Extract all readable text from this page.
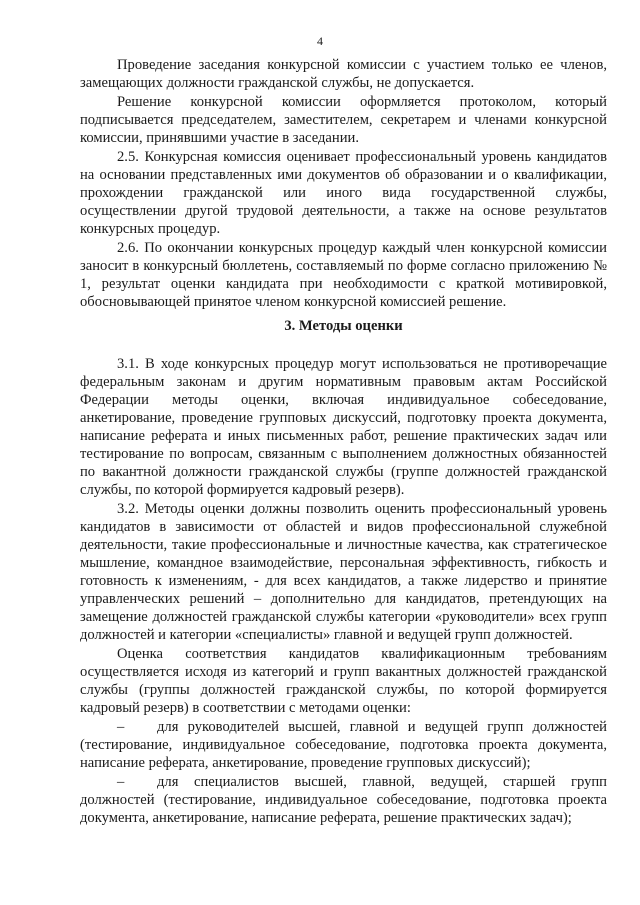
4

Проведение заседания конкурсной комиссии с участием только ее членов, замещающих должности гражданской службы, не допускается.

Решение конкурсной комиссии оформляется протоколом, который подписывается председателем, заместителем, секретарем и членами конкурсной комиссии, принявшими участие в заседании.

2.5. Конкурсная комиссия оценивает профессиональный уровень кандидатов на основании представленных ими документов об образовании и о квалификации, прохождении гражданской или иного вида государственной службы, осуществлении другой трудовой деятельности, а также на основе результатов конкурсных процедур.

2.6. По окончании конкурсных процедур каждый член конкурсной комиссии заносит в конкурсный бюллетень, составляемый по форме согласно приложению № 1, результат оценки кандидата при необходимости с краткой мотивировкой, обосновывающей принятое членом конкурсной комиссией решение.

3. Методы оценки

3.1. В ходе конкурсных процедур могут использоваться не противоречащие федеральным законам и другим нормативным правовым актам Российской Федерации методы оценки, включая индивидуальное собеседование, анкетирование, проведение групповых дискуссий, подготовку проекта документа, написание реферата и иных письменных работ, решение практических задач или тестирование по вопросам, связанным с выполнением должностных обязанностей по вакантной должности гражданской службы (группе должностей гражданской службы, по которой формируется кадровый резерв).

3.2. Методы оценки должны позволить оценить профессиональный уровень кандидатов в зависимости от областей и видов профессиональной служебной деятельности, такие профессиональные и личностные качества, как стратегическое мышление, командное взаимодействие, персональная эффективность, гибкость и готовность к изменениям, - для всех кандидатов, а также лидерство и принятие управленческих решений – дополнительно для кандидатов, претендующих на замещение должностей гражданской службы категории «руководители» всех групп должностей и категории «специалисты» главной и ведущей групп должностей.

Оценка соответствия кандидатов квалификационным требованиям осуществляется исходя из категорий и групп вакантных должностей гражданской службы (группы должностей гражданской службы, по которой формируется кадровый резерв) в соответствии с методами оценки:

– для руководителей высшей, главной и ведущей групп должностей (тестирование, индивидуальное собеседование, подготовка проекта документа, написание реферата, анкетирование, проведение групповых дискуссий);

– для специалистов высшей, главной, ведущей, старшей групп должностей (тестирование, индивидуальное собеседование, подготовка проекта документа, анкетирование, написание реферата, решение практических задач);
